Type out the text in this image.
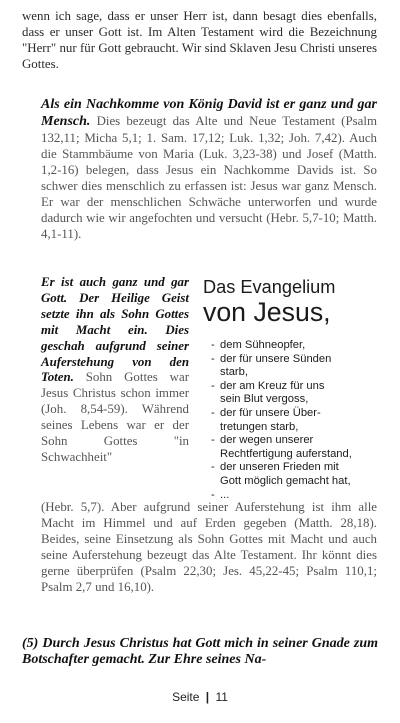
wenn ich sage, dass er unser Herr ist, dann besagt dies ebenfalls, dass er unser Gott ist. Im Alten Testament wird die Bezeichnung "Herr" nur für Gott gebraucht. Wir sind Sklaven Jesu Christi unseres Gottes.

Als ein Nachkomme von König David ist er ganz und gar Mensch. Dies bezeugt das Alte und Neue Testament (Psalm 132,11; Micha 5,1; 1. Sam. 17,12; Luk. 1,32; Joh. 7,42). Auch die Stammbäume von Maria (Luk. 3,23-38) und Josef (Matth. 1,2-16) belegen, dass Jesus ein Nachkomme Davids ist. So schwer dies menschlich zu erfassen ist: Jesus war ganz Mensch. Er war der menschlichen Schwäche unterworfen und wurde dadurch wie wir angefochten und versucht (Hebr. 5,7-10; Matth. 4,1-11).

Er ist auch ganz und gar Gott. Der Heilige Geist setzte ihn als Sohn Gottes mit Macht ein. Dies geschah aufgrund seiner Auferstehung von den Toten. Sohn Gottes war Jesus Christus schon immer (Joh. 8,54-59). Während seines Lebens war er der Sohn Gottes "in Schwachheit"

Das Evangelium

von Jesus,

- dem Sühneopfer,
- der für unsere Sünden
starb,
- der am Kreuz für uns
sein Blut vergoss,
- der für unsere Über-
tretungen starb,
- der wegen unserer
Rechtfertigung auferstand,
- der unseren Frieden mit
Gott möglich gemacht hat,
- ...

(Hebr. 5,7). Aber aufgrund seiner Auferstehung ist ihm alle Macht im Himmel und auf Erden gegeben (Matth. 28,18). Beides, seine Einsetzung als Sohn Gottes mit Macht und auch seine Auferstehung bezeugt das Alte Testament. Ihr könnt dies gerne überprüfen (Psalm 22,30; Jes. 45,22-45; Psalm 110,1; Psalm 2,7 und 16,10).

(5) Durch Jesus Christus hat Gott mich in seiner Gnade zum Botschafter gemacht. Zur Ehre seines Na-

Seite | 11
